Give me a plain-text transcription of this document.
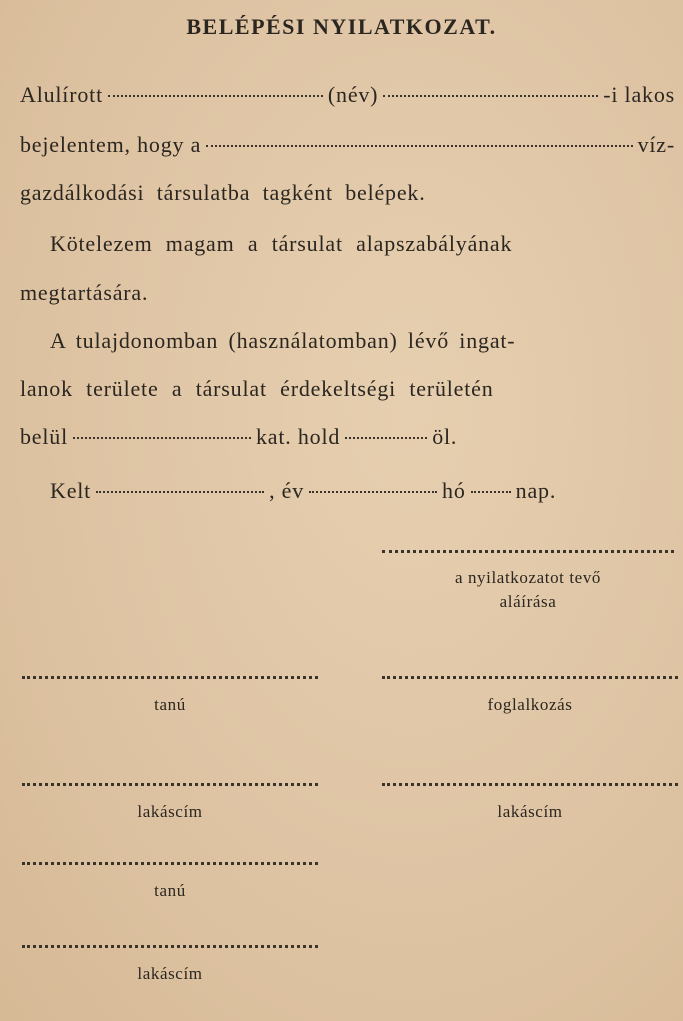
BELÉPÉSI NYILATKOZAT.
Alulírott	(név)	-i lakos
bejelentem, hogy a	víz-
gazdálkodási társulatba tagként belépek.
Kötelezem magam a társulat alapszabályának
megtartására.
A tulajdonomban (használatomban) lévő ingat-
lanok területe a társulat érdekeltségi területén
belül	kat. hold	öl.
Kelt	, év	hó nap.
a nyilatkozatot tevő
aláírása
tanú	foglalkozás
lakáscím	lakáscím
tanú
lakáscím
